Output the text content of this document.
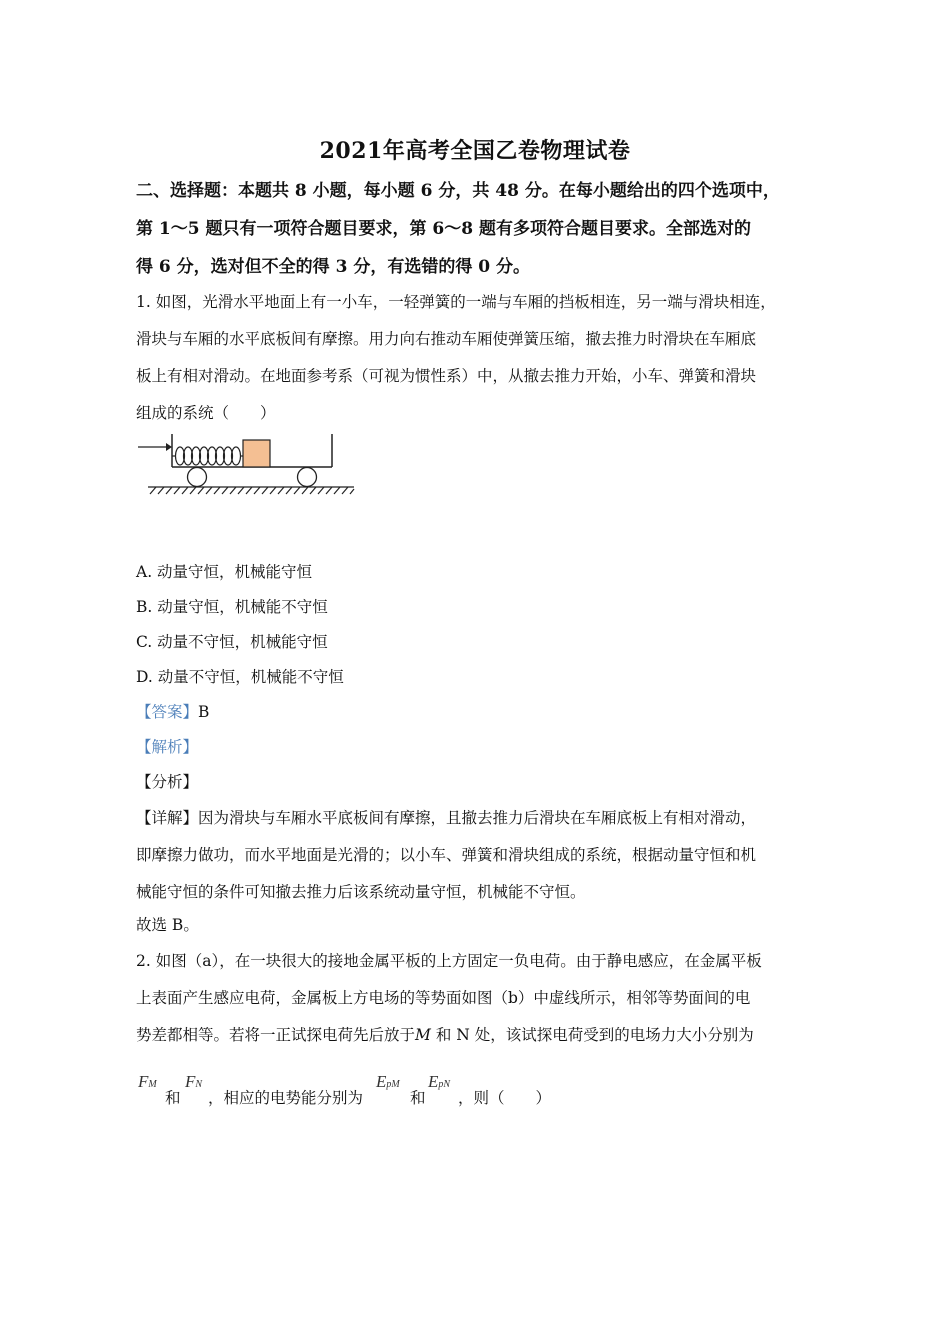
2021年高考全国乙卷物理试卷
二、选择题：本题共 8 小题，每小题 6 分，共 48 分。在每小题给出的四个选项中，
第 1～5 题只有一项符合题目要求，第 6～8 题有多项符合题目要求。全部选对的
得 6 分，选对但不全的得 3 分，有选错的得 0 分。
1. 如图，光滑水平地面上有一小车，一轻弹簧的一端与车厢的挡板相连，另一端与滑块相连，
滑块与车厢的水平底板间有摩擦。用力向右推动车厢使弹簧压缩，撤去推力时滑块在车厢底
板上有相对滑动。在地面参考系（可视为惯性系）中，从撤去推力开始，小车、弹簧和滑块
组成的系统（　　）
A. 动量守恒，机械能守恒
B. 动量守恒，机械能不守恒
C. 动量不守恒，机械能守恒
D. 动量不守恒，机械能不守恒
【答案】B
【解析】
【分析】
【详解】因为滑块与车厢水平底板间有摩擦，且撤去推力后滑块在车厢底板上有相对滑动，
即摩擦力做功，而水平地面是光滑的；以小车、弹簧和滑块组成的系统，根据动量守恒和机
械能守恒的条件可知撤去推力后该系统动量守恒，机械能不守恒。
故选 B。
2. 如图（a），在一块很大的接地金属平板的上方固定一负电荷。由于静电感应，在金属平板
上表面产生感应电荷，金属板上方电场的等势面如图（b）中虚线所示，相邻等势面间的电
势差都相等。若将一正试探电荷先后放于M 和 N 处，该试探电荷受到的电场力大小分别为
FM
和
FN
，相应的电势能分别为
EpM
和
EpN
，则（　　）
